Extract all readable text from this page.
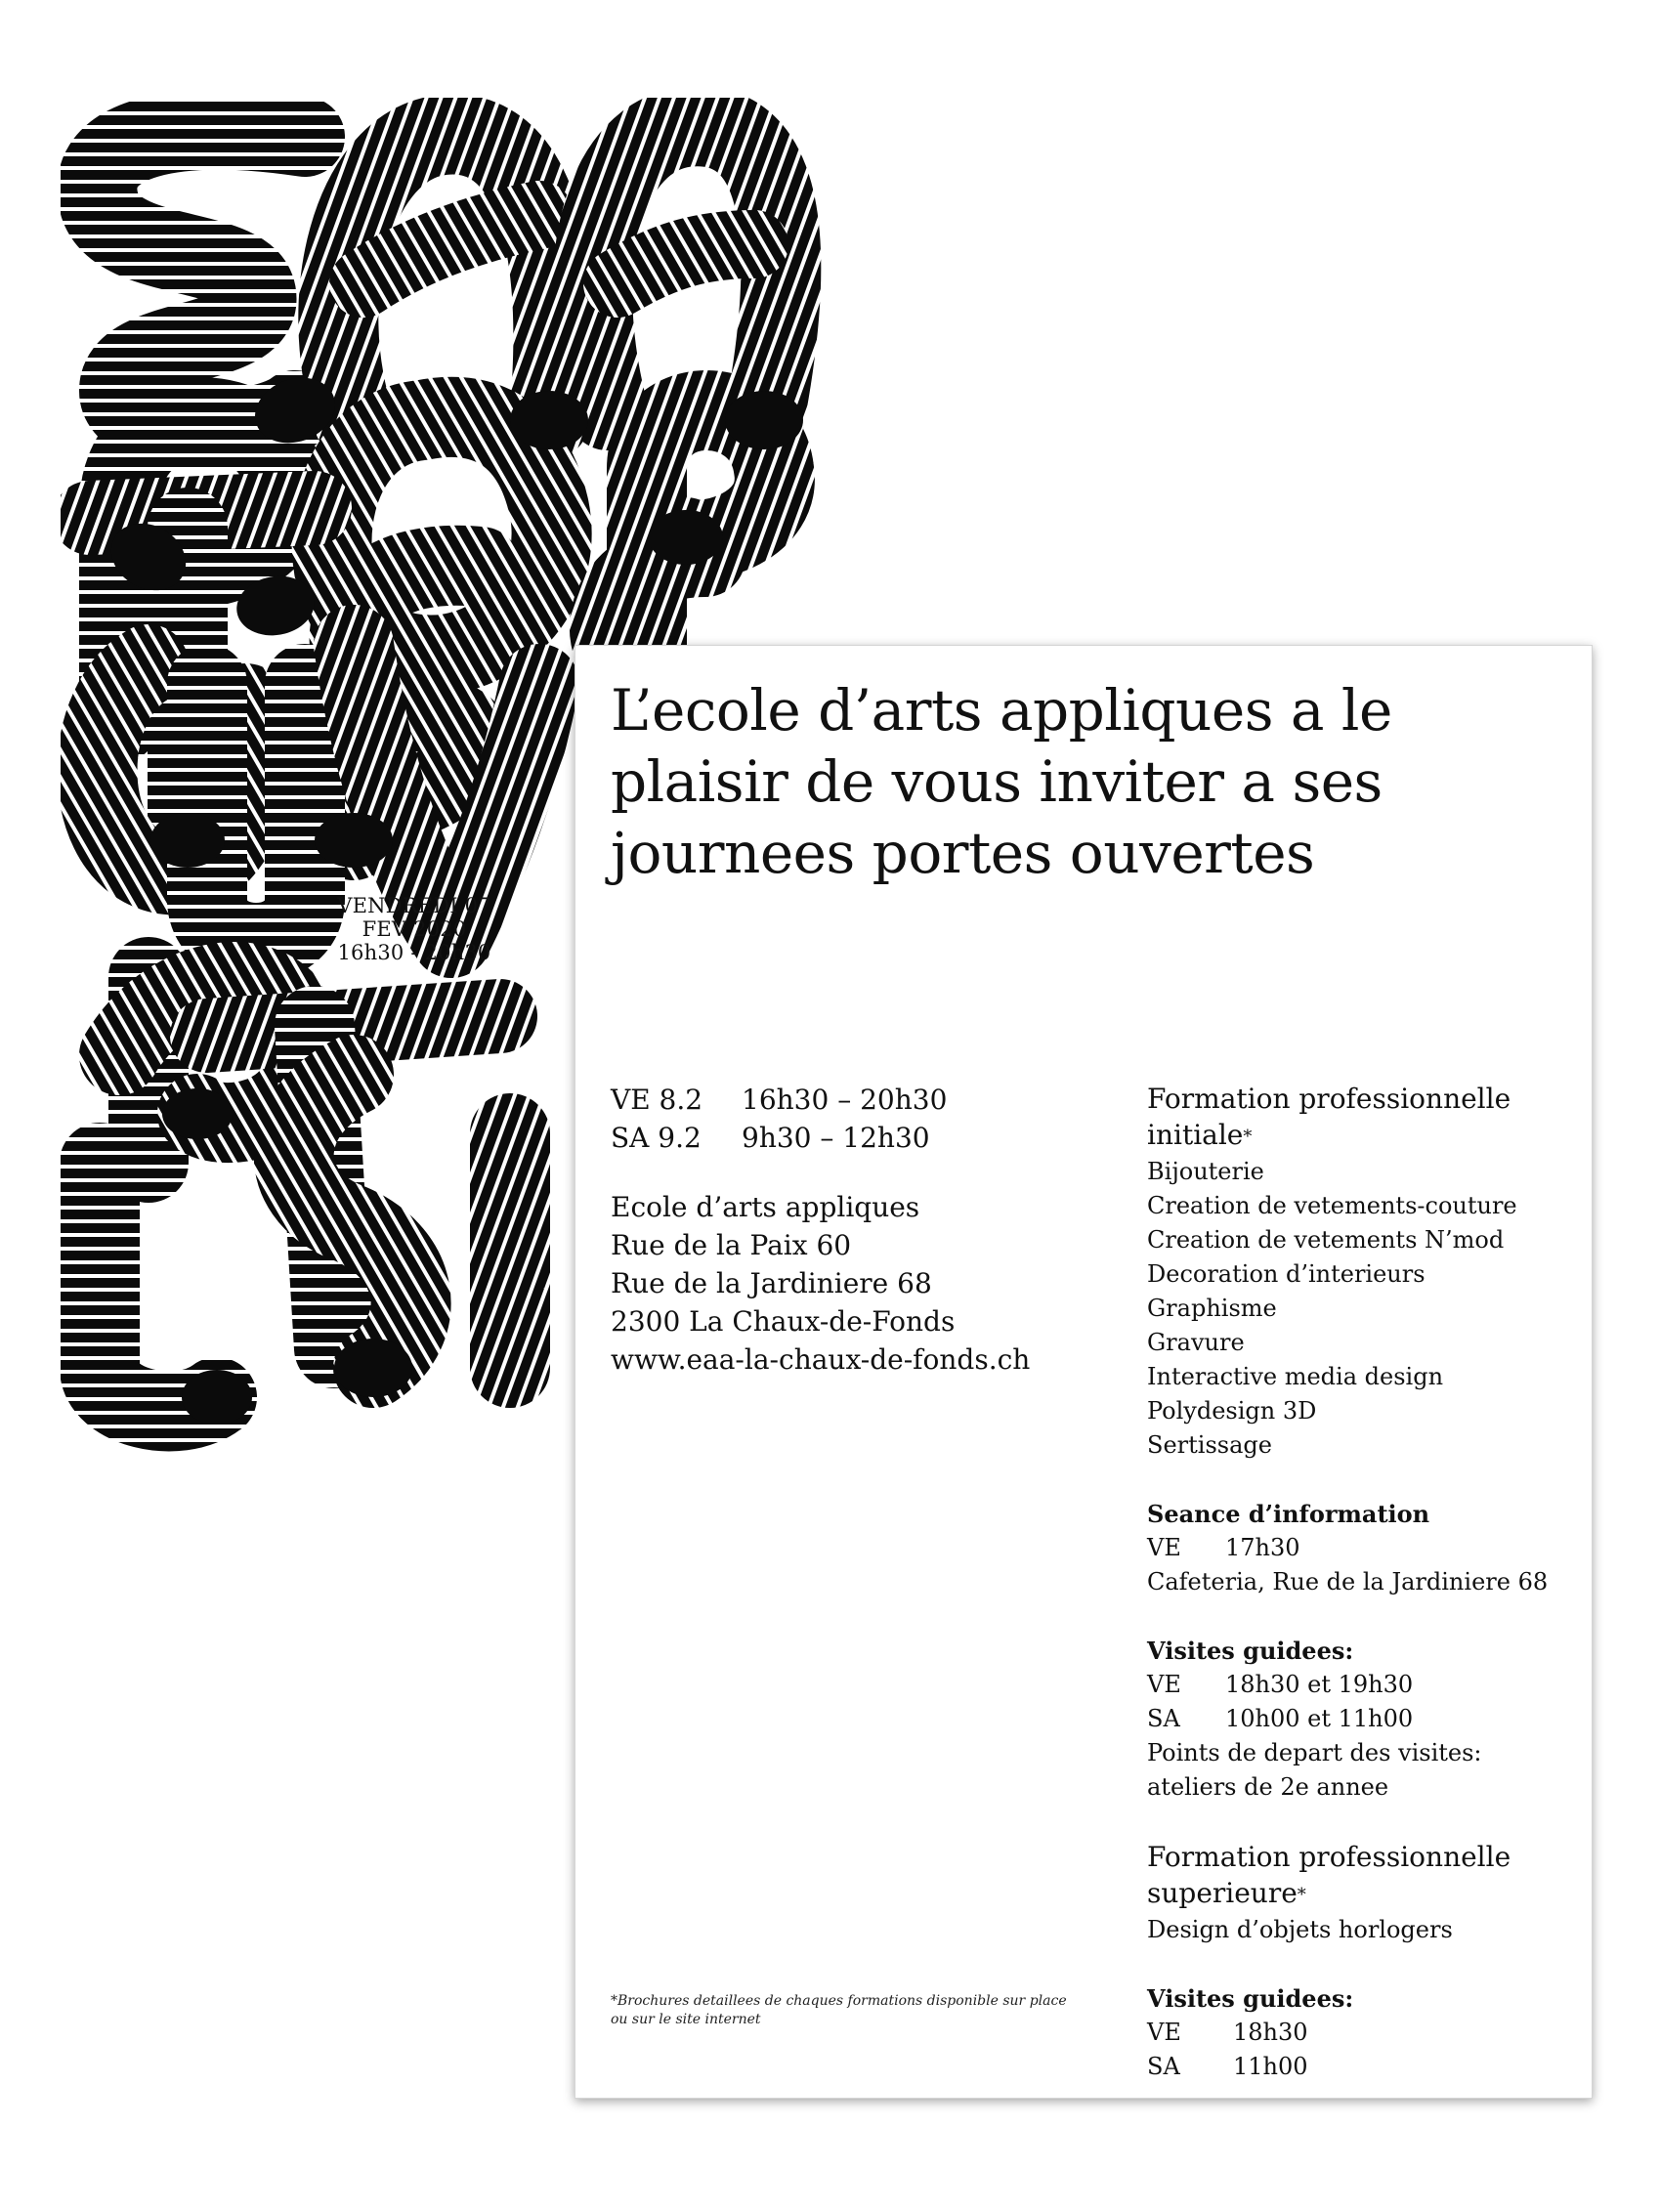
VENDREDI 07
FEV 2020
16h30 - 20h30
L’ecole d’arts appliques a le
plaisir de vous inviter a ses
journees portes ouvertes
VE 8.2	16h30 – 20h30
SA 9.2	9h30 – 12h30
Ecole d’arts appliques
Rue de la Paix 60
Rue de la Jardiniere 68
2300 La Chaux-de-Fonds
www.eaa-la-chaux-de-fonds.ch
Formation professionnelle
initiale*
Bijouterie
Creation de vetements-couture
Creation de vetements N’mod
Decoration d’interieurs
Graphisme
Gravure
Interactive media design
Polydesign 3D
Sertissage
Seance d’information
VE	17h30
Cafeteria, Rue de la Jardiniere 68
Visites guidees:
VE	18h30 et 19h30
SA	10h00 et 11h00
Points de depart des visites:
ateliers de 2e annee
Formation professionnelle
superieure*
Design d’objets horlogers
Visites guidees:
VE	18h30
SA	11h00
*Brochures detaillees de chaques formations disponible sur place ou sur le site internet
